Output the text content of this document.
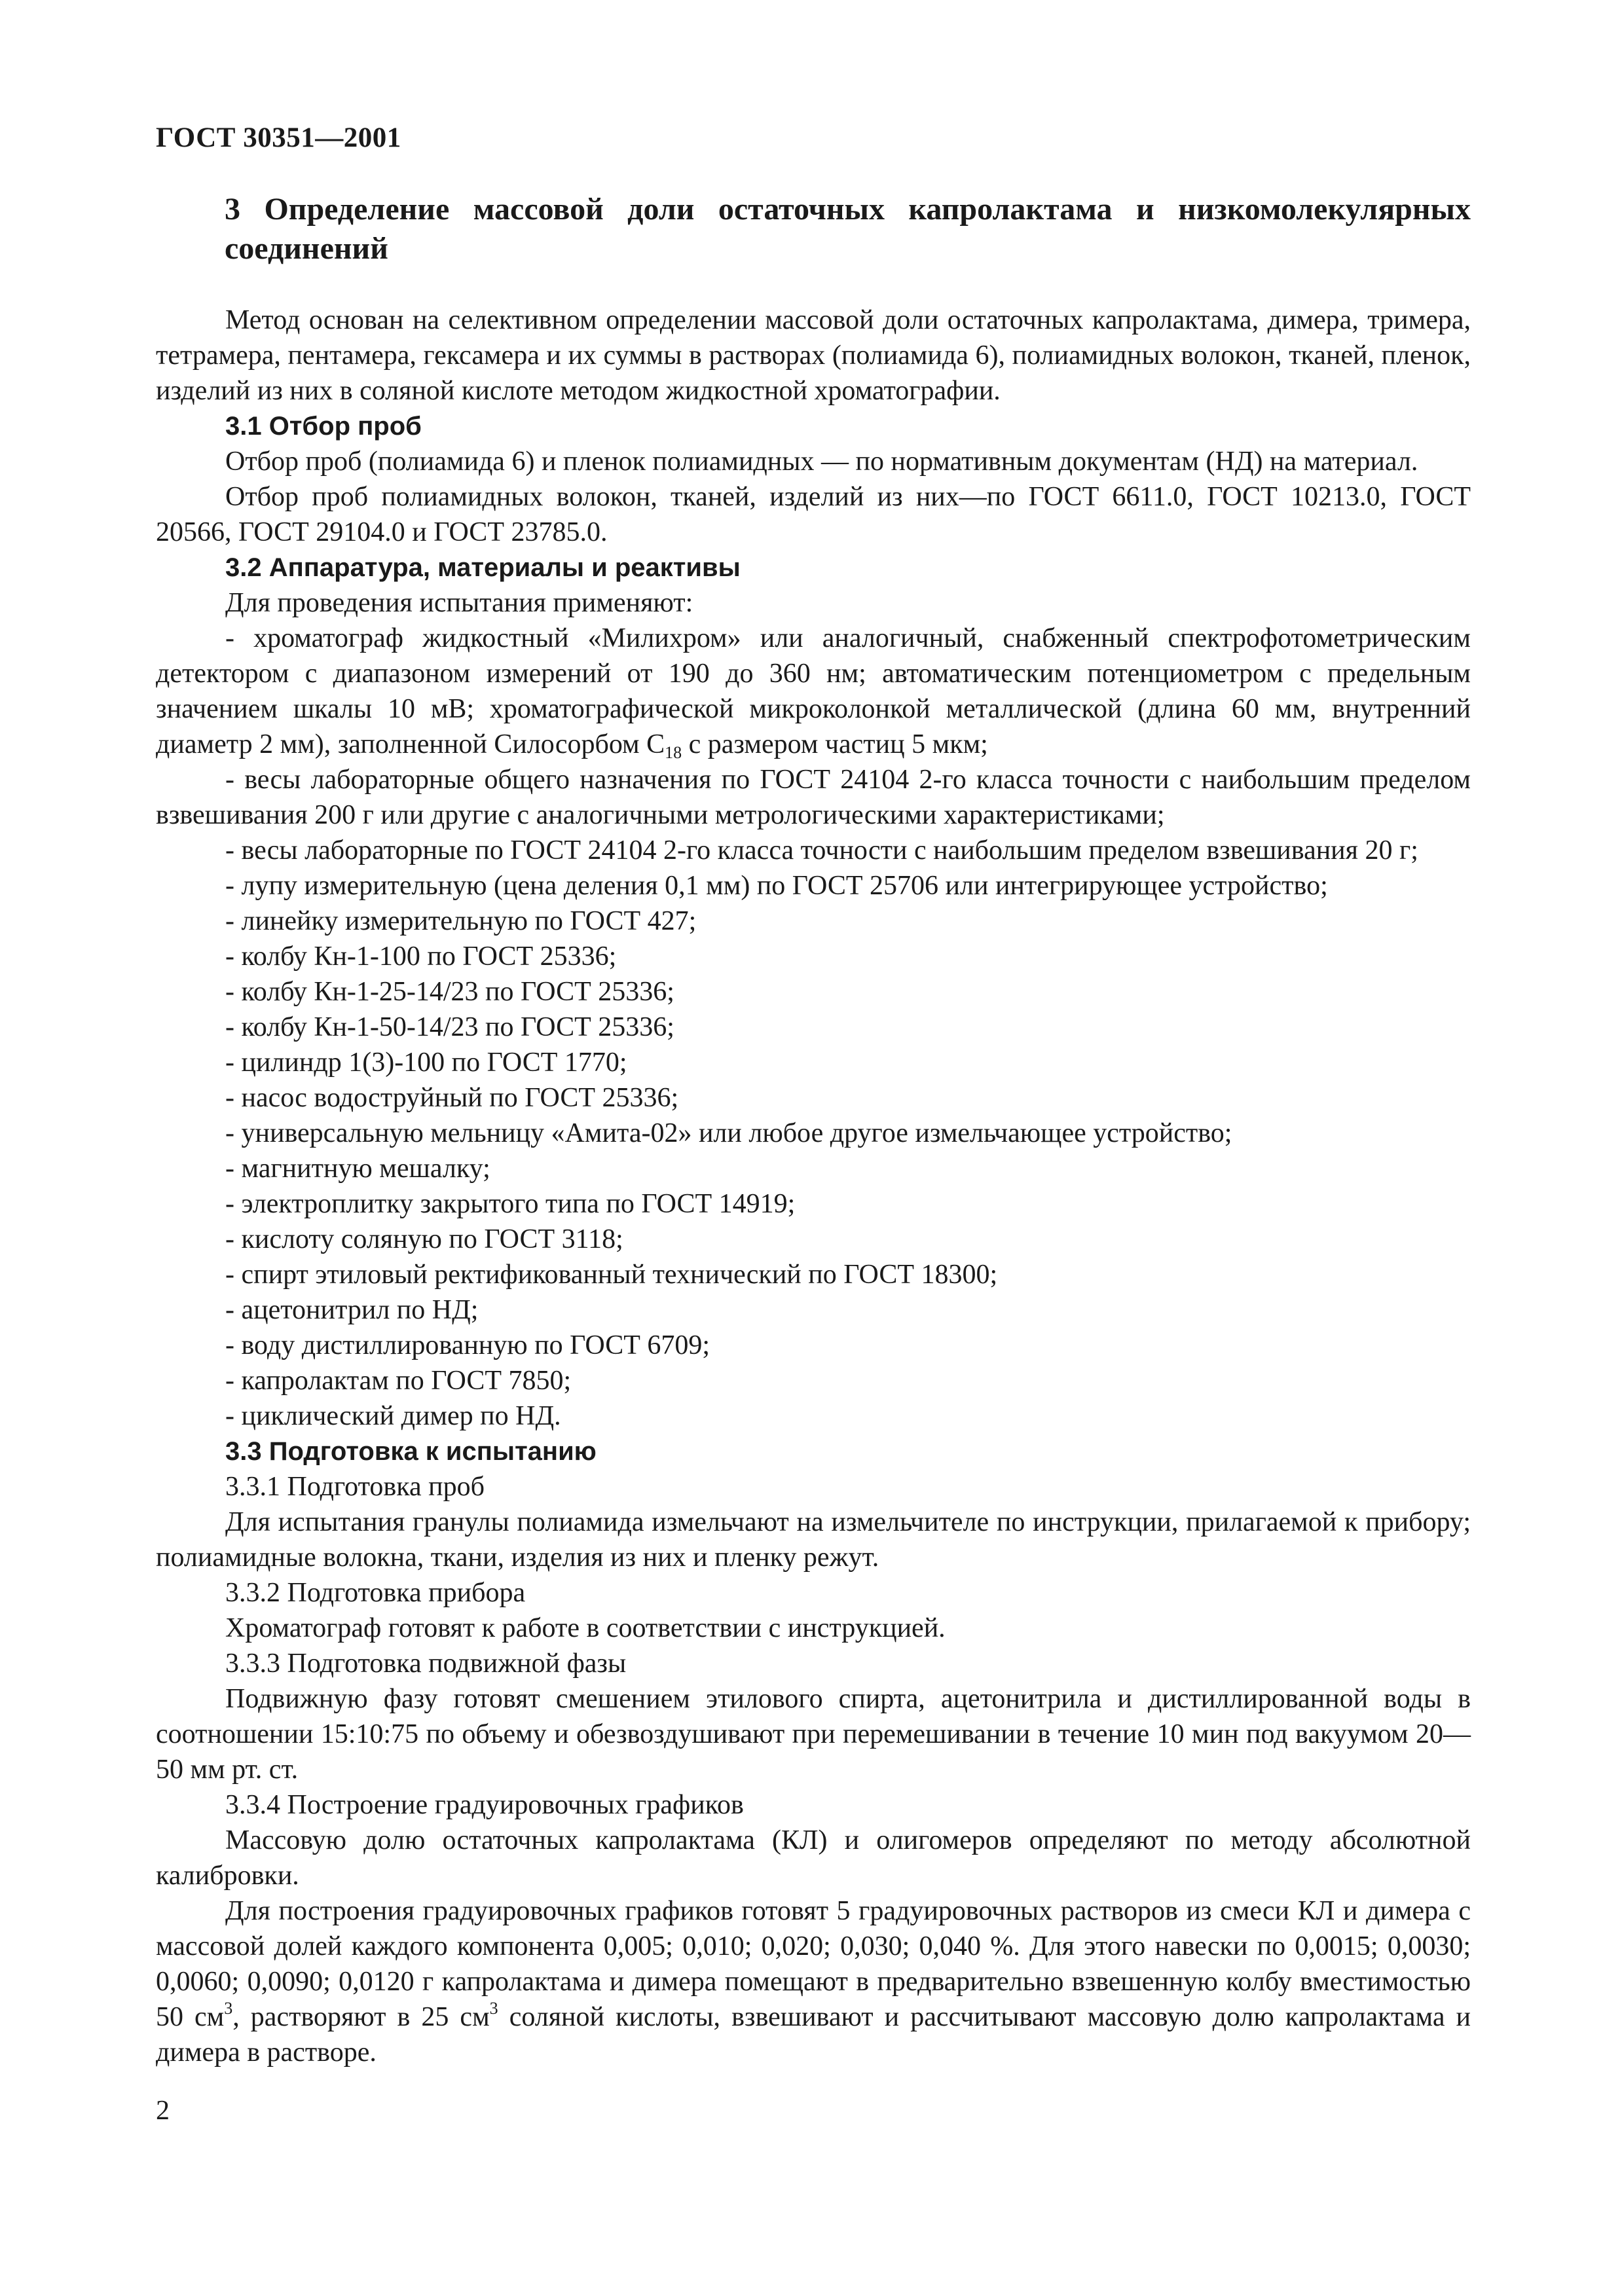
ГОСТ 30351—2001
3 Определение массовой доли остаточных капролактама и низкомолекулярных соединений

Метод основан на селективном определении массовой доли остаточных капролактама, димера, тримера, тетрамера, пентамера, гексамера и их суммы в растворах (полиамида 6), полиамидных волокон, тканей, пленок, изделий из них в соляной кислоте методом жидкостной хроматографии.

3.1 Отбор проб

Отбор проб (полиамида 6) и пленок полиамидных — по нормативным документам (НД) на материал.

Отбор проб полиамидных волокон, тканей, изделий из них—по ГОСТ 6611.0, ГОСТ 10213.0, ГОСТ 20566, ГОСТ 29104.0 и ГОСТ 23785.0.

3.2 Аппаратура, материалы и реактивы

Для проведения испытания применяют:

- хроматограф жидкостный «Милихром» или аналогичный, снабженный спектрофотометрическим детектором с диапазоном измерений от 190 до 360 нм; автоматическим потенциометром с предельным значением шкалы 10 мВ; хроматографической микроколонкой металлической (длина 60 мм, внутренний диаметр 2 мм), заполненной Силосорбом $С_{18}$ с размером частиц 5 мкм;

- весы лабораторные общего назначения по ГОСТ 24104 2-го класса точности с наибольшим пределом взвешивания 200 г или другие с аналогичными метрологическими характеристиками;

- весы лабораторные по ГОСТ 24104 2-го класса точности с наибольшим пределом взвешивания 20 г;

- лупу измерительную (цена деления 0,1 мм) по ГОСТ 25706 или интегрирующее устройство;

- линейку измерительную по ГОСТ 427;

- колбу Кн-1-100 по ГОСТ 25336;

- колбу Кн-1-25-14/23 по ГОСТ 25336;

- колбу Кн-1-50-14/23 по ГОСТ 25336;

- цилиндр 1(3)-100 по ГОСТ 1770;

- насос водоструйный по ГОСТ 25336;

- универсальную мельницу «Амита-02» или любое другое измельчающее устройство;

- магнитную мешалку;

- электроплитку закрытого типа по ГОСТ 14919;

- кислоту соляную по ГОСТ 3118;

- спирт этиловый ректификованный технический по ГОСТ 18300;

- ацетонитрил по НД;

- воду дистиллированную по ГОСТ 6709;

- капролактам по ГОСТ 7850;

- циклический димер по НД.

3.3 Подготовка к испытанию

3.3.1 Подготовка проб

Для испытания гранулы полиамида измельчают на измельчителе по инструкции, прилагаемой к прибору; полиамидные волокна, ткани, изделия из них и пленку режут.

3.3.2 Подготовка прибора

Хроматограф готовят к работе в соответствии с инструкцией.

3.3.3 Подготовка подвижной фазы

Подвижную фазу готовят смешением этилового спирта, ацетонитрила и дистиллированной воды в соотношении 15:10:75 по объему и обезвоздушивают при перемешивании в течение 10 мин под вакуумом 20—50 мм рт. ст.

3.3.4 Построение градуировочных графиков

Массовую долю остаточных капролактама (КЛ) и олигомеров определяют по методу абсолютной калибровки.

Для построения градуировочных графиков готовят 5 градуировочных растворов из смеси КЛ и димера с массовой долей каждого компонента 0,005; 0,010; 0,020; 0,030; 0,040 %. Для этого навески по 0,0015; 0,0030; 0,0060; 0,0090; 0,0120 г капролактама и димера помещают в предварительно взвешенную колбу вместимостью 50 $см^3$, растворяют в 25 $см^3$ соляной кислоты, взвешивают и рассчитывают массовую долю капролактама и димера в растворе.

2
